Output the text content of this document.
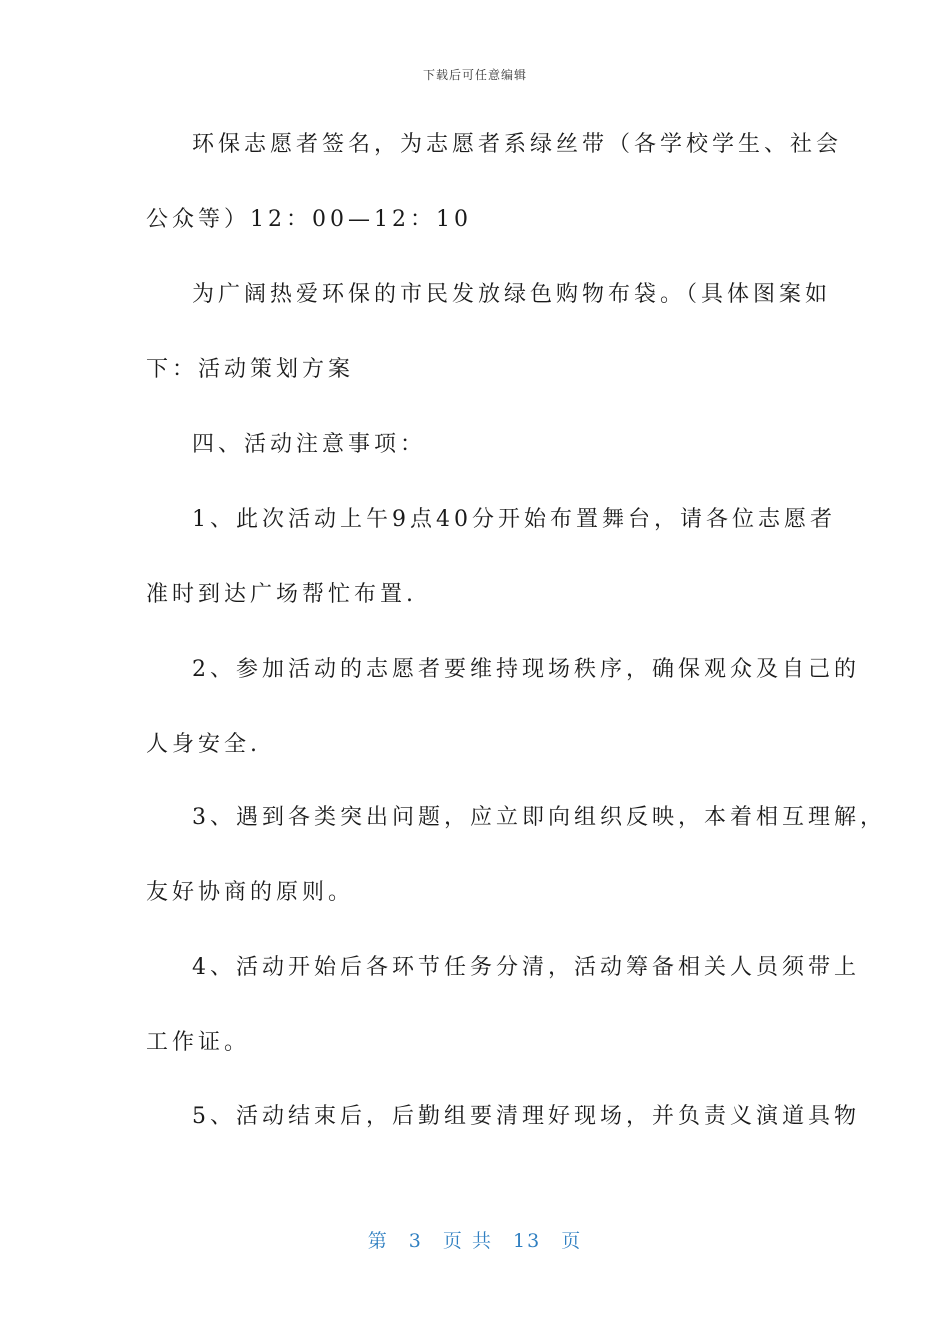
下载后可任意编辑
环保志愿者签名，为志愿者系绿丝带（各学校学生、社会
公众等）12：00—12：10
为广阔热爱环保的市民发放绿色购物布袋。（具体图案如
下：活动策划方案
四、活动注意事项：
1、此次活动上午9点40分开始布置舞台，请各位志愿者
准时到达广场帮忙布置.
2、参加活动的志愿者要维持现场秩序，确保观众及自己的
人身安全.
3、遇到各类突出问题，应立即向组织反映，本着相互理解，
友好协商的原则。
4、活动开始后各环节任务分清，活动筹备相关人员须带上
工作证。
5、活动结束后，后勤组要清理好现场，并负责义演道具物
第 3 页 共 13 页
